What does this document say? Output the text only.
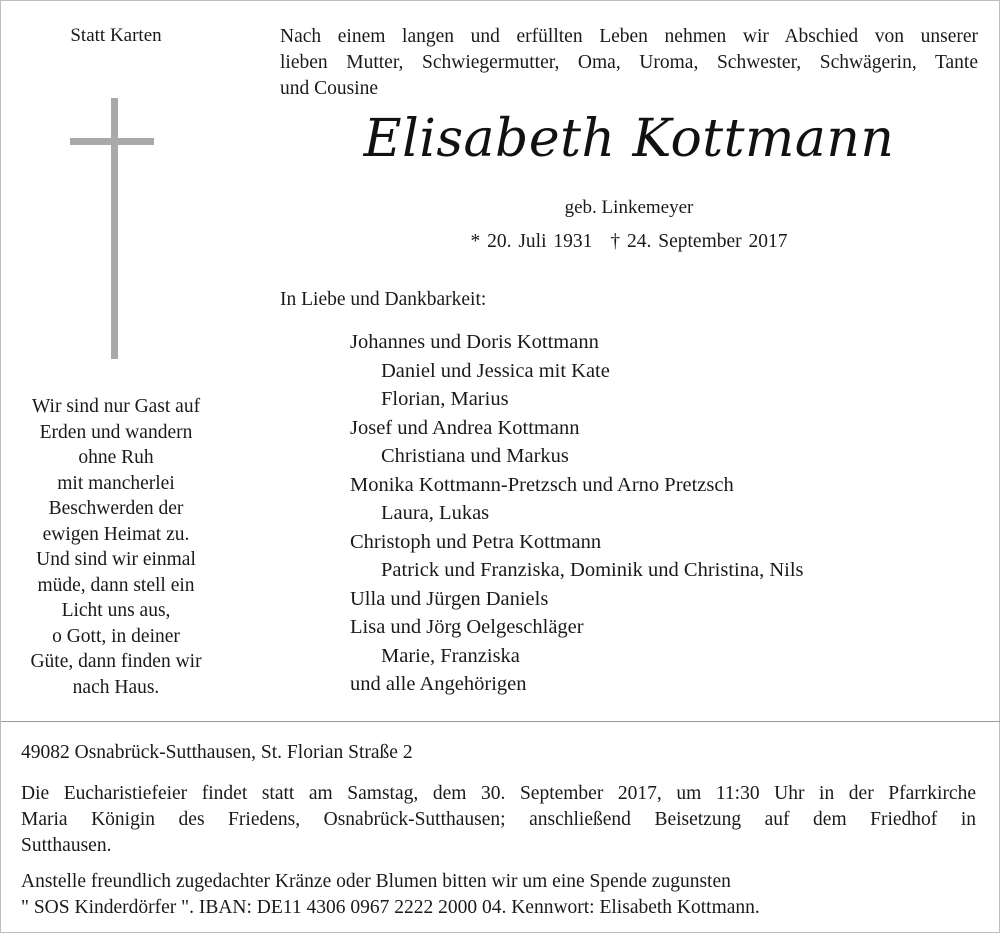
Statt Karten
Wir sind nur Gast auf
Erden und wandern
ohne Ruh
mit mancherlei
Beschwerden der
ewigen Heimat zu.
Und sind wir einmal
müde, dann stell ein
Licht uns aus,
o Gott, in deiner
Güte, dann finden wir
nach Haus.
Nach einem langen und erfüllten Leben nehmen wir Abschied von unserer
lieben Mutter, Schwiegermutter, Oma, Uroma, Schwester, Schwägerin, Tante
und Cousine
Elisabeth Kottmann
geb. Linkemeyer
* 20. Juli 1931 † 24. September 2017
In Liebe und Dankbarkeit:
Johannes und Doris Kottmann
Daniel und Jessica mit Kate
Florian, Marius
Josef und Andrea Kottmann
Christiana und Markus
Monika Kottmann-Pretzsch und Arno Pretzsch
Laura, Lukas
Christoph und Petra Kottmann
Patrick und Franziska, Dominik und Christina, Nils
Ulla und Jürgen Daniels
Lisa und Jörg Oelgeschläger
Marie, Franziska
und alle Angehörigen
49082 Osnabrück-Sutthausen, St. Florian Straße 2
Die Eucharistiefeier findet statt am Samstag, dem 30. September 2017, um 11:30 Uhr in der Pfarrkirche
Maria Königin des Friedens, Osnabrück-Sutthausen; anschließend Beisetzung auf dem Friedhof in
Sutthausen.
Anstelle freundlich zugedachter Kränze oder Blumen bitten wir um eine Spende zugunsten
" SOS Kinderdörfer ". IBAN: DE11 4306 0967 2222 2000 04. Kennwort: Elisabeth Kottmann.
